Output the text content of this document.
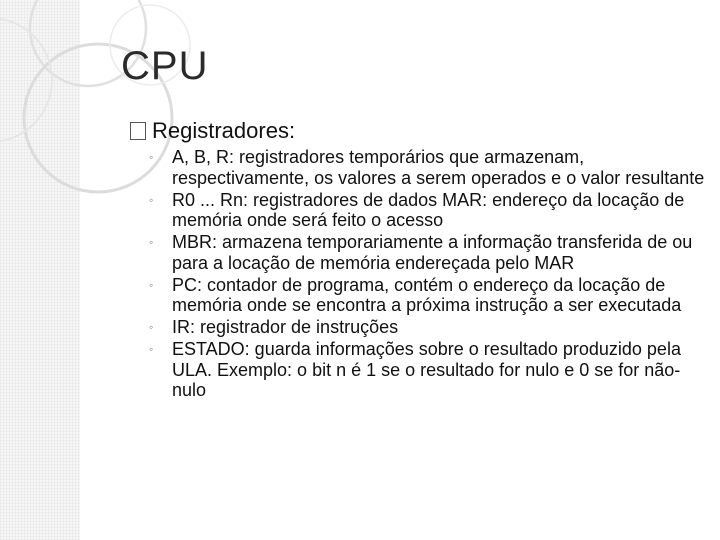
CPU
Registradores:
◦ A, B, R: registradores temporários que armazenam, respectivamente, os valores a serem operados e o valor resultante
◦ R0 ... Rn: registradores de dados MAR: endereço da locação de memória onde será feito o acesso
◦ MBR: armazena temporariamente a informação transferida de ou para a locação de memória endereçada pelo MAR
◦ PC: contador de programa, contém o endereço da locação de memória onde se encontra a próxima instrução a ser executada
◦ IR: registrador de instruções
◦ ESTADO: guarda informações sobre o resultado produzido pela ULA. Exemplo: o bit n é 1 se o resultado for nulo e 0 se for não-nulo
